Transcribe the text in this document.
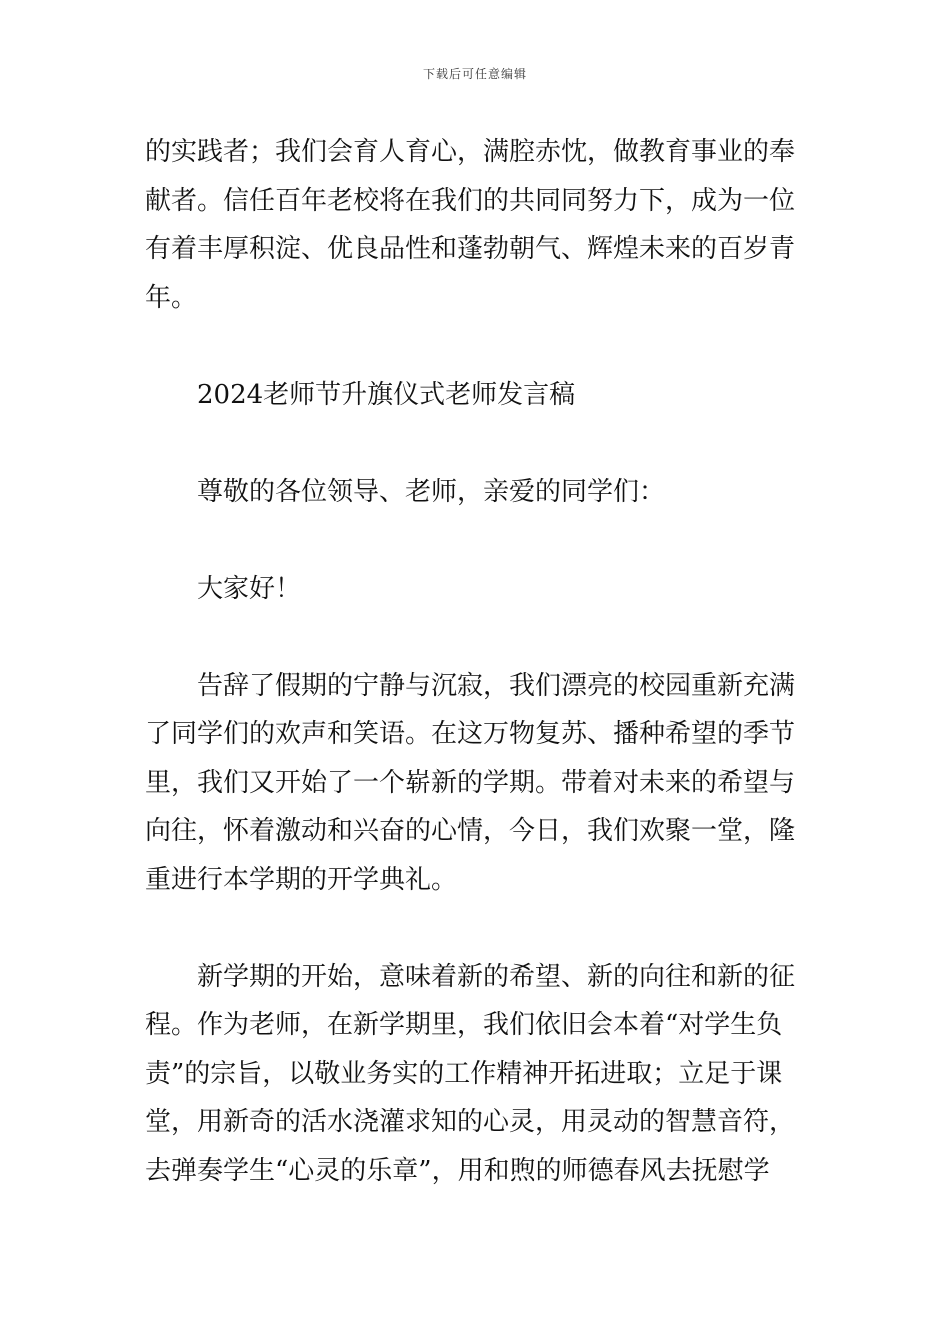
下载后可任意编辑

的实践者；我们会育人育心，满腔赤忱，做教育事业的奉
献者。信任百年老校将在我们的共同同努力下，成为一位
有着丰厚积淀、优良品性和蓬勃朝气、辉煌未来的百岁青
年。

2024老师节升旗仪式老师发言稿

尊敬的各位领导、老师，亲爱的同学们：

大家好！

告辞了假期的宁静与沉寂，我们漂亮的校园重新充满
了同学们的欢声和笑语。在这万物复苏、播种希望的季节
里，我们又开始了一个崭新的学期。带着对未来的希望与
向往，怀着激动和兴奋的心情，今日，我们欢聚一堂，隆
重进行本学期的开学典礼。

新学期的开始，意味着新的希望、新的向往和新的征
程。作为老师，在新学期里，我们依旧会本着“对学生负
责”的宗旨，以敬业务实的工作精神开拓进取；立足于课
堂，用新奇的活水浇灌求知的心灵，用灵动的智慧音符，
去弹奏学生“心灵的乐章”，用和煦的师德春风去抚慰学
